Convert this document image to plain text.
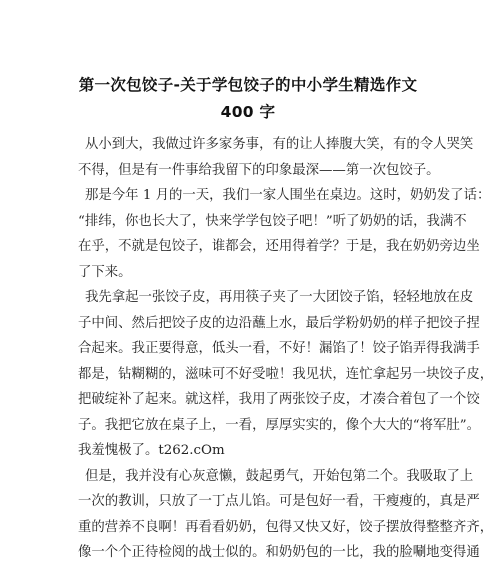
第一次包饺子-关于学包饺子的中小学生精选作文
400 字

从小到大，我做过许多家务事，有的让人捧腹大笑，有的令人哭笑
不得，但是有一件事给我留下的印象最深——第一次包饺子。

那是今年 1 月的一天，我们一家人围坐在桌边。这时，奶奶发了话：
“排纬，你也长大了，快来学学包饺子吧！”听了奶奶的话，我满不
在乎，不就是包饺子，谁都会，还用得着学？于是，我在奶奶旁边坐
了下来。

我先拿起一张饺子皮，再用筷子夹了一大团饺子馅，轻轻地放在皮
子中间、然后把饺子皮的边沿蘸上水，最后学粉奶奶的样子把饺子捏
合起来。我正要得意，低头一看，不好！漏馅了！饺子馅弄得我满手
都是，钻糊糊的，滋味可不好受啦！我见状，连忙拿起另一块饺子皮，
把破绽补了起来。就这样，我用了两张饺子皮，才凑合着包了一个饺
子。我把它放在桌子上，一看，厚厚实实的，像个大大的“将军肚”。
我羞愧极了。t262.cOm

但是，我并没有心灰意懒，鼓起勇气，开始包第二个。我吸取了上
一次的教训，只放了一丁点儿馅。可是包好一看，干瘦瘦的，真是严
重的营养不良啊！再看看奶奶，包得又快又好，饺子摆放得整整齐齐，
像一个个正待检阅的战士似的。和奶奶包的一比，我的脸唰地变得通
